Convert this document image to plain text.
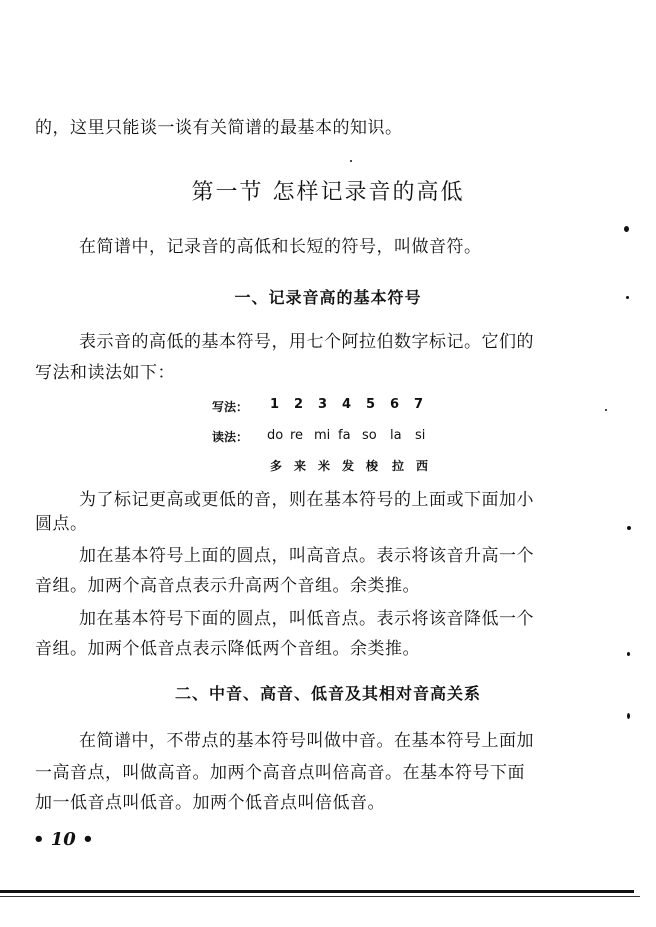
的，这里只能谈一谈有关简谱的最基本的知识。
第一节 怎样记录音的高低
在简谱中，记录音的高低和长短的符号，叫做音符。
一、记录音高的基本符号
表示音的高低的基本符号，用七个阿拉伯数字标记。它们的
写法和读法如下：
写法： 1 2 3 4 5 6 7
读法： do re mi fa so la si
多 来 米 发 梭 拉 西
为了标记更高或更低的音，则在基本符号的上面或下面加小
圆点。
加在基本符号上面的圆点，叫高音点。表示将该音升高一个
音组。加两个高音点表示升高两个音组。余类推。
加在基本符号下面的圆点，叫低音点。表示将该音降低一个
音组。加两个低音点表示降低两个音组。余类推。
二、中音、高音、低音及其相对音高关系
在简谱中，不带点的基本符号叫做中音。在基本符号上面加
一高音点，叫做高音。加两个高音点叫倍高音。在基本符号下面
加一低音点叫低音。加两个低音点叫倍低音。
• 10 •
